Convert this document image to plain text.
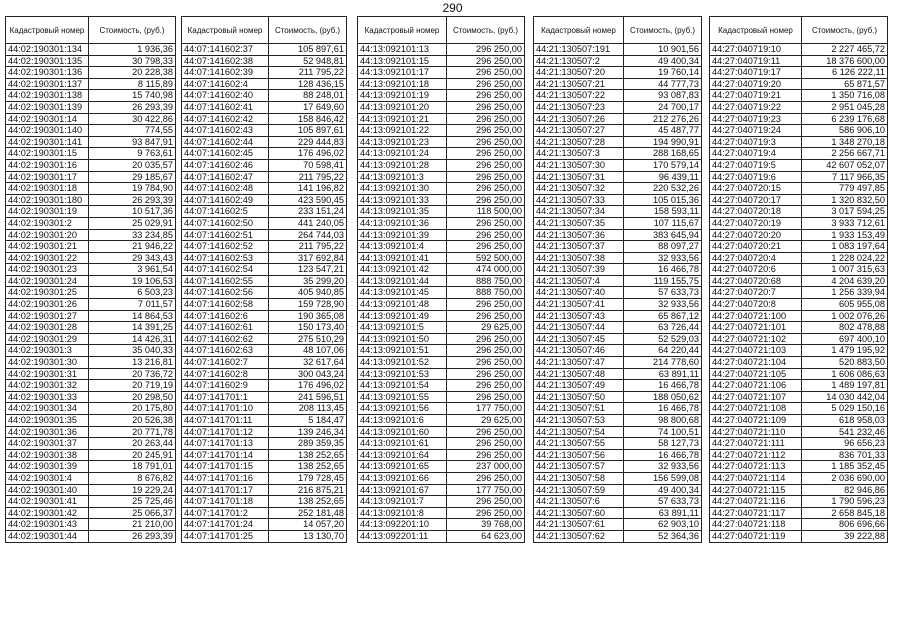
290
Кадастровый номер	Стоимость, (руб.)
44:02:190301:134	1 936,36
44:02:190301:135	30 798,33
44:02:190301:136	20 228,38
44:02:190301:137	8 115,89
44:02:190301:138	15 740,98
44:02:190301:139	26 293,39
44:02:190301:14	30 422,86
44:02:190301:140	774,55
44:02:190301:141	93 847,91
44:02:190301:15	9 763,61
44:02:190301:16	20 035,57
44:02:190301:17	29 185,67
44:02:190301:18	19 784,90
44:02:190301:180	26 293,39
44:02:190301:19	10 517,36
44:02:190301:2	25 029,91
44:02:190301:20	33 234,85
44:02:190301:21	21 946,22
44:02:190301:22	29 343,43
44:02:190301:23	3 961,54
44:02:190301:24	19 106,53
44:02:190301:25	6 503,23
44:02:190301:26	7 011,57
44:02:190301:27	14 864,53
44:02:190301:28	14 391,25
44:02:190301:29	14 426,31
44:02:190301:3	35 040,33
44:02:190301:30	13 216,81
44:02:190301:31	20 736,72
44:02:190301:32	20 719,19
44:02:190301:33	20 298,50
44:02:190301:34	20 175,80
44:02:190301:35	20 526,38
44:02:190301:36	20 771,78
44:02:190301:37	20 263,44
44:02:190301:38	20 245,91
44:02:190301:39	18 791,01
44:02:190301:4	8 676,82
44:02:190301:40	19 229,24
44:02:190301:41	25 725,46
44:02:190301:42	25 066,37
44:02:190301:43	21 210,00
44:02:190301:44	26 293,39
Кадастровый номер	Стоимость, (руб.)
44:07:141602:37	105 897,61
44:07:141602:38	52 948,81
44:07:141602:39	211 795,22
44:07:141602:4	128 436,15
44:07:141602:40	88 248,01
44:07:141602:41	17 649,60
44:07:141602:42	158 846,42
44:07:141602:43	105 897,61
44:07:141602:44	229 444,83
44:07:141602:45	176 496,02
44:07:141602:46	70 598,41
44:07:141602:47	211 795,22
44:07:141602:48	141 196,82
44:07:141602:49	423 590,45
44:07:141602:5	233 151,24
44:07:141602:50	441 240,05
44:07:141602:51	264 744,03
44:07:141602:52	211 795,22
44:07:141602:53	317 692,84
44:07:141602:54	123 547,21
44:07:141602:55	35 299,20
44:07:141602:56	405 940,85
44:07:141602:58	159 728,90
44:07:141602:6	190 365,08
44:07:141602:61	150 173,40
44:07:141602:62	275 510,29
44:07:141602:63	48 107,06
44:07:141602:7	32 617,64
44:07:141602:8	300 043,24
44:07:141602:9	176 496,02
44:07:141701:1	241 596,51
44:07:141701:10	208 113,45
44:07:141701:11	5 184,47
44:07:141701:12	139 246,34
44:07:141701:13	289 359,35
44:07:141701:14	138 252,65
44:07:141701:15	138 252,65
44:07:141701:16	179 728,45
44:07:141701:17	216 875,21
44:07:141701:18	138 252,65
44:07:141701:2	252 181,48
44:07:141701:24	14 057,20
44:07:141701:25	13 130,70
Кадастровый номер	Стоимость, (руб.)
44:13:092101:13	296 250,00
44:13:092101:15	296 250,00
44:13:092101:17	296 250,00
44:13:092101:18	296 250,00
44:13:092101:19	296 250,00
44:13:092101:20	296 250,00
44:13:092101:21	296 250,00
44:13:092101:22	296 250,00
44:13:092101:23	296 250,00
44:13:092101:24	296 250,00
44:13:092101:28	296 250,00
44:13:092101:3	296 250,00
44:13:092101:30	296 250,00
44:13:092101:33	296 250,00
44:13:092101:35	118 500,00
44:13:092101:36	296 250,00
44:13:092101:39	296 250,00
44:13:092101:4	296 250,00
44:13:092101:41	592 500,00
44:13:092101:42	474 000,00
44:13:092101:44	888 750,00
44:13:092101:45	888 750,00
44:13:092101:48	296 250,00
44:13:092101:49	296 250,00
44:13:092101:5	29 625,00
44:13:092101:50	296 250,00
44:13:092101:51	296 250,00
44:13:092101:52	296 250,00
44:13:092101:53	296 250,00
44:13:092101:54	296 250,00
44:13:092101:55	296 250,00
44:13:092101:56	177 750,00
44:13:092101:6	29 625,00
44:13:092101:60	296 250,00
44:13:092101:61	296 250,00
44:13:092101:64	296 250,00
44:13:092101:65	237 000,00
44:13:092101:66	296 250,00
44:13:092101:67	177 750,00
44:13:092101:7	296 250,00
44:13:092101:8	296 250,00
44:13:092201:10	39 768,00
44:13:092201:11	64 623,00
Кадастровый номер	Стоимость, (руб.)
44:21:130507:191	10 901,56
44:21:130507:2	49 400,34
44:21:130507:20	19 760,14
44:21:130507:21	44 777,73
44:21:130507:22	93 087,83
44:21:130507:23	24 700,17
44:21:130507:26	212 276,26
44:21:130507:27	45 487,77
44:21:130507:28	194 990,91
44:21:130507:3	288 168,65
44:21:130507:30	170 579,14
44:21:130507:31	96 439,11
44:21:130507:32	220 532,26
44:21:130507:33	105 015,36
44:21:130507:34	158 593,11
44:21:130507:35	107 115,67
44:21:130507:36	383 645,94
44:21:130507:37	88 097,27
44:21:130507:38	32 933,56
44:21:130507:39	16 466,78
44:21:130507:4	119 155,75
44:21:130507:40	57 633,73
44:21:130507:41	32 933,56
44:21:130507:43	65 867,12
44:21:130507:44	63 726,44
44:21:130507:45	52 529,03
44:21:130507:46	64 220,44
44:21:130507:47	214 778,60
44:21:130507:48	63 891,11
44:21:130507:49	16 466,78
44:21:130507:50	188 050,62
44:21:130507:51	16 466,78
44:21:130507:53	98 800,68
44:21:130507:54	74 100,51
44:21:130507:55	58 127,73
44:21:130507:56	16 466,78
44:21:130507:57	32 933,56
44:21:130507:58	156 599,08
44:21:130507:59	49 400,34
44:21:130507:6	57 633,73
44:21:130507:60	63 891,11
44:21:130507:61	62 903,10
44:21:130507:62	52 364,36
Кадастровый номер	Стоимость, (руб.)
44:27:040719:10	2 227 465,72
44:27:040719:11	18 376 600,00
44:27:040719:17	6 126 222,11
44:27:040719:20	65 871,57
44:27:040719:21	1 350 716,08
44:27:040719:22	2 951 045,28
44:27:040719:23	6 239 176,68
44:27:040719:24	586 906,10
44:27:040719:3	1 348 270,18
44:27:040719:4	2 256 667,71
44:27:040719:5	42 607 052,07
44:27:040719:6	7 117 966,35
44:27:040720:15	779 497,85
44:27:040720:17	1 320 832,50
44:27:040720:18	3 017 594,25
44:27:040720:19	3 933 712,61
44:27:040720:20	1 933 153,49
44:27:040720:21	1 083 197,64
44:27:040720:4	1 228 024,22
44:27:040720:6	1 007 315,63
44:27:040720:68	4 204 639,20
44:27:040720:7	1 256 339,94
44:27:040720:8	605 955,08
44:27:040721:100	1 002 076,26
44:27:040721:101	802 478,88
44:27:040721:102	697 400,10
44:27:040721:103	1 479 195,92
44:27:040721:104	520 883,50
44:27:040721:105	1 606 086,63
44:27:040721:106	1 489 197,81
44:27:040721:107	14 030 442,04
44:27:040721:108	5 029 150,16
44:27:040721:109	618 958,03
44:27:040721:110	541 232,46
44:27:040721:111	96 656,23
44:27:040721:112	836 701,33
44:27:040721:113	1 185 352,45
44:27:040721:114	2 036 690,00
44:27:040721:115	82 946,86
44:27:040721:116	1 790 596,23
44:27:040721:117	2 658 845,18
44:27:040721:118	806 696,66
44:27:040721:119	39 222,88
